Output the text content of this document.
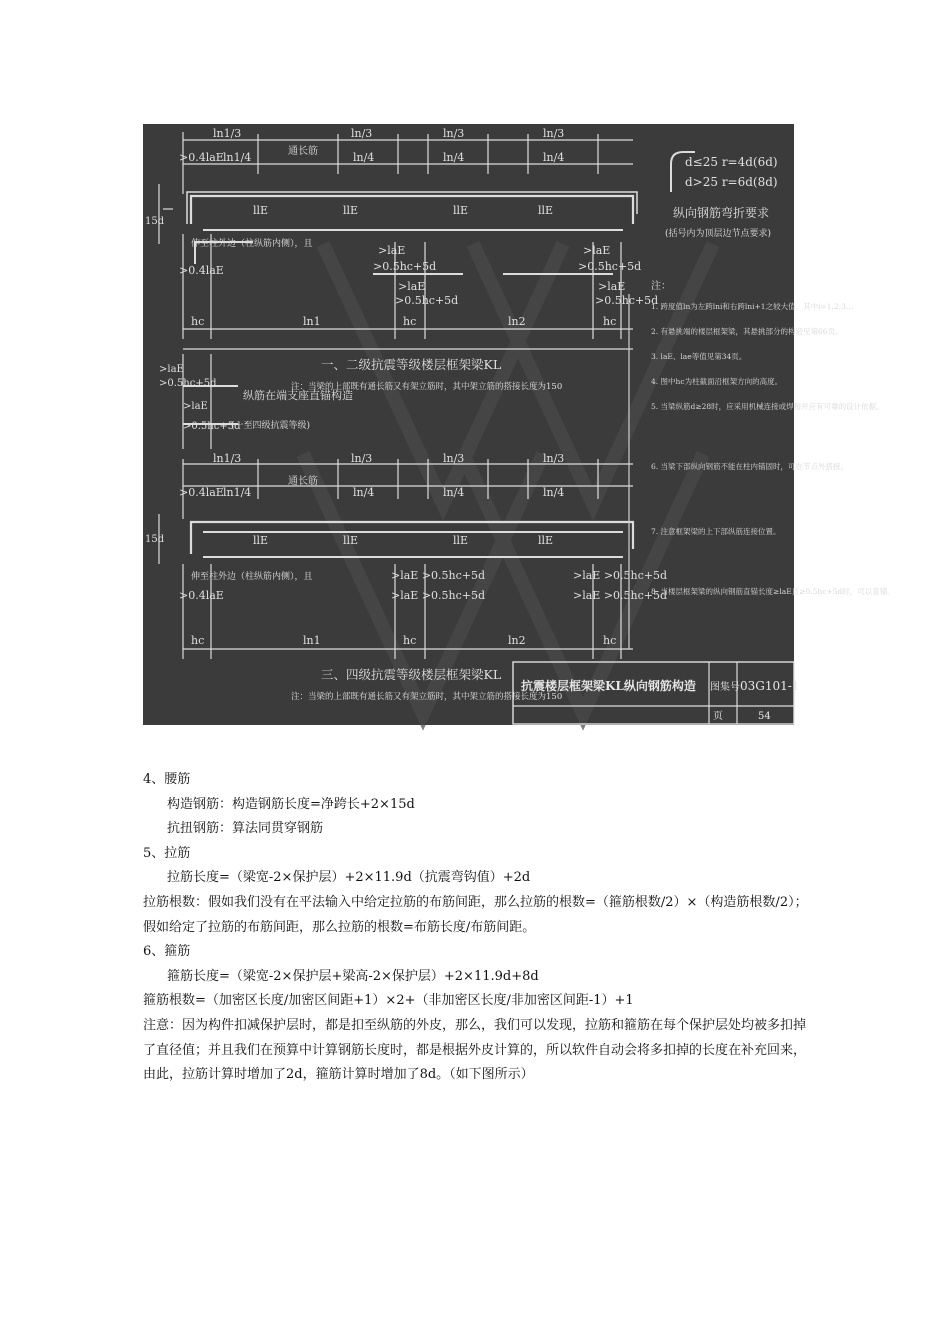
ln1/3	ln/3	ln/3	ln/3
>0.4laE ln1/4	ln/4	ln/4	ln/4
llE	llE	llE	llE
>laE
>0.5hc+5d
>laE
>0.5hc+5d
>laE
>0.5hc+5d
>laE
>0.5hc+5d
>0.4laE
hc	ln1	hc	ln2	hc
15d
伸至柱外边（柱纵筋内侧），且
通长筋
一、二级抗震等级楼层框架梁KL
注：当梁的上部既有通长筋又有架立筋时，其中架立筋的搭接长度为150
>laE
>0.5hc+5d
>laE
>0.5hc+5d
纵筋在端支座直锚构造
(一至四级抗震等级)
ln1/3	ln/3	ln/3	ln/3
>0.4laE ln1/4	ln/4	ln/4	ln/4
llE	llE	llE	llE
>laE >0.5hc+5d	>laE >0.5hc+5d
>laE >0.5hc+5d	>laE >0.5hc+5d
>0.4laE
hc	ln1	hc	ln2	hc
15d
伸至柱外边（柱纵筋内侧），且
通长筋
三、四级抗震等级楼层框架梁KL
注：当梁的上部既有通长筋又有架立筋时，其中架立筋的搭接长度为150
d≤25 r=4d(6d)
d>25 r=6d(8d)
纵向钢筋弯折要求
(括号内为顶层边节点要求)
注：
1. 跨度值ln为左跨lni和右跨lni+1之较大值，其中i=1,2,3…
2. 有悬挑端的楼层框架梁，其悬挑部分的构造见第66页。
3. laE、lae等值见第34页。
4. 图中hc为柱截面沿框架方向的高度。
5. 当梁纵筋d≥28时，应采用机械连接或焊接并应有可靠的设计依据。
6. 当梁下部纵向钢筋不能在柱内锚固时，可在节点外搭接。
7. 注意框架梁的上下部纵筋连接位置。
8. 当楼层框架梁的纵向钢筋直锚长度≥laE且≥0.5hc+5d时，可以直锚。
抗震楼层框架梁KL纵向钢筋构造 图集号 03G101-1
页	54

4、腰筋

构造钢筋：构造钢筋长度=净跨长+2×15d

抗扭钢筋：算法同贯穿钢筋

5、拉筋

拉筋长度=（梁宽-2×保护层）+2×11.9d（抗震弯钩值）+2d

拉筋根数：假如我们没有在平法输入中给定拉筋的布筋间距，那么拉筋的根数=（箍筋根数/2）×（构造筋根数/2）；假如给定了拉筋的布筋间距，那么拉筋的根数=布筋长度/布筋间距。

6、箍筋

箍筋长度=（梁宽-2×保护层+梁高-2×保护层）+2×11.9d+8d

箍筋根数=（加密区长度/加密区间距+1）×2+（非加密区长度/非加密区间距-1）+1

注意：因为构件扣减保护层时，都是扣至纵筋的外皮，那么，我们可以发现，拉筋和箍筋在每个保护层处均被多扣掉了直径值；并且我们在预算中计算钢筋长度时，都是根据外皮计算的，所以软件自动会将多扣掉的长度在补充回来，由此，拉筋计算时增加了2d，箍筋计算时增加了8d。（如下图所示）
